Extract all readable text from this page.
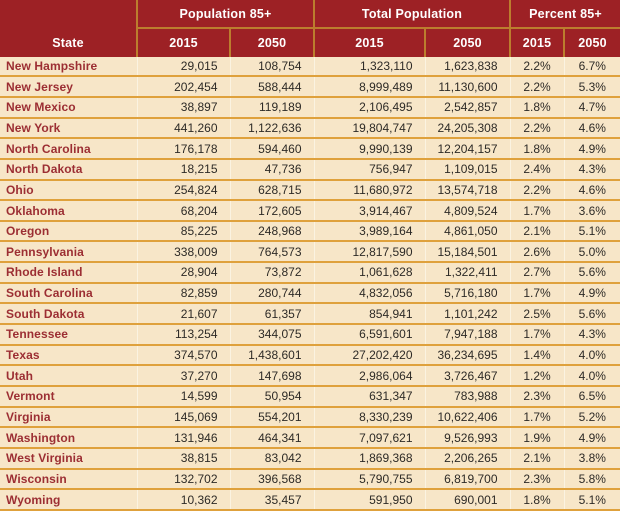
State	Population 85+		Total Population		Percent 85+	
	2015	2050	2015	2050	2015	2050
New Hampshire	29,015	108,754	1,323,110	1,623,838	2.2%	6.7%
New Jersey	202,454	588,444	8,999,489	11,130,600	2.2%	5.3%
New Mexico	38,897	119,189	2,106,495	2,542,857	1.8%	4.7%
New York	441,260	1,122,636	19,804,747	24,205,308	2.2%	4.6%
North Carolina	176,178	594,460	9,990,139	12,204,157	1.8%	4.9%
North Dakota	18,215	47,736	756,947	1,109,015	2.4%	4.3%
Ohio	254,824	628,715	11,680,972	13,574,718	2.2%	4.6%
Oklahoma	68,204	172,605	3,914,467	4,809,524	1.7%	3.6%
Oregon	85,225	248,968	3,989,164	4,861,050	2.1%	5.1%
Pennsylvania	338,009	764,573	12,817,590	15,184,501	2.6%	5.0%
Rhode Island	28,904	73,872	1,061,628	1,322,411	2.7%	5.6%
South Carolina	82,859	280,744	4,832,056	5,716,180	1.7%	4.9%
South Dakota	21,607	61,357	854,941	1,101,242	2.5%	5.6%
Tennessee	113,254	344,075	6,591,601	7,947,188	1.7%	4.3%
Texas	374,570	1,438,601	27,202,420	36,234,695	1.4%	4.0%
Utah	37,270	147,698	2,986,064	3,726,467	1.2%	4.0%
Vermont	14,599	50,954	631,347	783,988	2.3%	6.5%
Virginia	145,069	554,201	8,330,239	10,622,406	1.7%	5.2%
Washington	131,946	464,341	7,097,621	9,526,993	1.9%	4.9%
West Virginia	38,815	83,042	1,869,368	2,206,265	2.1%	3.8%
Wisconsin	132,702	396,568	5,790,755	6,819,700	2.3%	5.8%
Wyoming	10,362	35,457	591,950	690,001	1.8%	5.1%
